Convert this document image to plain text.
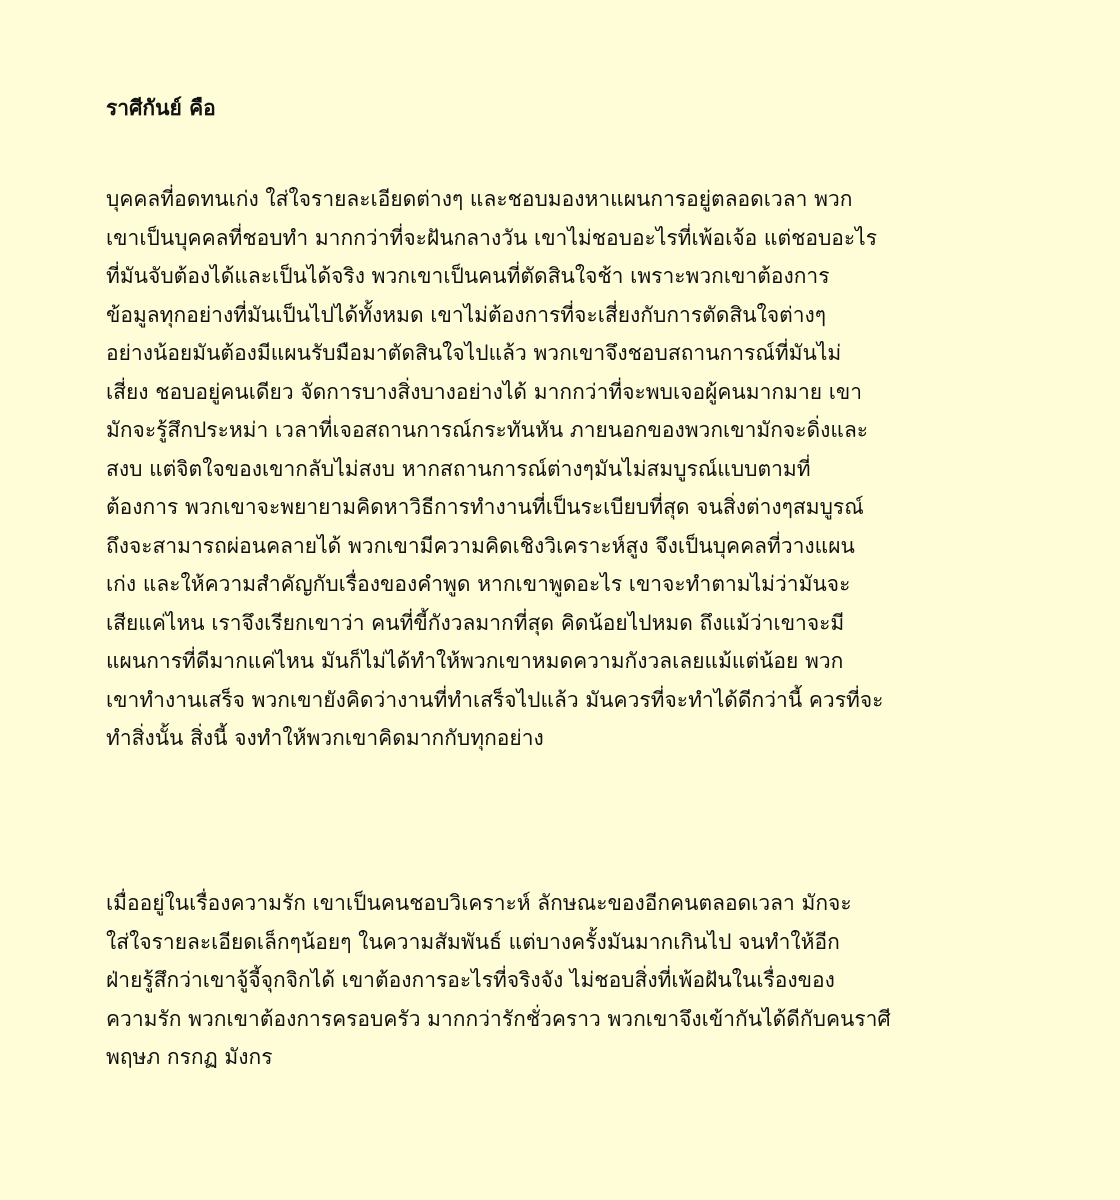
ราศีกันย์ คือ
บุคคลที่อดทนเก่ง ใส่ใจรายละเอียดต่างๆ และชอบมองหาแผนการอยู่ตลอดเวลา พวก
เขาเป็นบุคคลที่ชอบทำ มากกว่าที่จะฝันกลางวัน เขาไม่ชอบอะไรที่เพ้อเจ้อ แต่ชอบอะไร
ที่มันจับต้องได้และเป็นได้จริง พวกเขาเป็นคนที่ตัดสินใจช้า เพราะพวกเขาต้องการ
ข้อมูลทุกอย่างที่มันเป็นไปได้ทั้งหมด เขาไม่ต้องการที่จะเสี่ยงกับการตัดสินใจต่างๆ
อย่างน้อยมันต้องมีแผนรับมือมาตัดสินใจไปแล้ว พวกเขาจึงชอบสถานการณ์ที่มันไม่
เสี่ยง ชอบอยู่คนเดียว จัดการบางสิ่งบางอย่างได้ มากกว่าที่จะพบเจอผู้คนมากมาย เขา
มักจะรู้สึกประหม่า เวลาที่เจอสถานการณ์กระทันหัน ภายนอกของพวกเขามักจะดิ่งและ
สงบ แต่จิตใจของเขากลับไม่สงบ หากสถานการณ์ต่างๆมันไม่สมบูรณ์แบบตามที่
ต้องการ พวกเขาจะพยายามคิดหาวิธีการทำงานที่เป็นระเบียบที่สุด จนสิ่งต่างๆสมบูรณ์
ถึงจะสามารถผ่อนคลายได้ พวกเขามีความคิดเชิงวิเคราะห์สูง จึงเป็นบุคคลที่วางแผน
เก่ง และให้ความสำคัญกับเรื่องของคำพูด หากเขาพูดอะไร เขาจะทำตามไม่ว่ามันจะ
เสียแค่ไหน เราจึงเรียกเขาว่า คนที่ขี้กังวลมากที่สุด คิดน้อยไปหมด ถึงแม้ว่าเขาจะมี
แผนการที่ดีมากแค่ไหน มันก็ไม่ได้ทำให้พวกเขาหมดความกังวลเลยแม้แต่น้อย พวก
เขาทำงานเสร็จ พวกเขายังคิดว่างานที่ทำเสร็จไปแล้ว มันควรที่จะทำได้ดีกว่านี้ ควรที่จะ
ทำสิ่งนั้น สิ่งนี้ จงทำให้พวกเขาคิดมากกับทุกอย่าง
เมื่ออยู่ในเรื่องความรัก เขาเป็นคนชอบวิเคราะห์ ลักษณะของอีกคนตลอดเวลา มักจะ
ใส่ใจรายละเอียดเล็กๆน้อยๆ ในความสัมพันธ์ แต่บางครั้งมันมากเกินไป จนทำให้อีก
ฝ่ายรู้สึกว่าเขาจู้จี้จุกจิกได้ เขาต้องการอะไรที่จริงจัง ไม่ชอบสิ่งที่เพ้อฝันในเรื่องของ
ความรัก พวกเขาต้องการครอบครัว มากกว่ารักชั่วคราว พวกเขาจึงเข้ากันได้ดีกับคนราศี
พฤษภ กรกฏ มังกร
